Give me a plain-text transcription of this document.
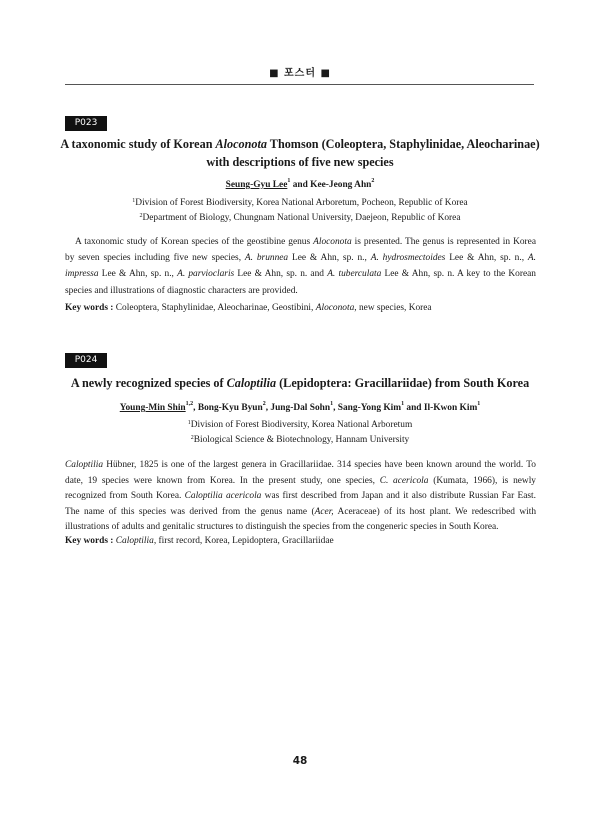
■ 포스터 ■
P023
A taxonomic study of Korean Aloconota Thomson (Coleoptera, Staphylinidae, Aleocharinae)
with descriptions of five new species
Seung-Gyu Lee$^1$ and Kee-Jeong Ahn$^2$
$^1$Division of Forest Biodiversity, Korea National Arboretum, Pocheon, Republic of Korea
$^2$Department of Biology, Chungnam National University, Daejeon, Republic of Korea
A taxonomic study of Korean species of the geostibine genus Aloconota is presented. The genus is represented in Korea by seven species including five new species, A. brunnea Lee & Ahn, sp. n., A. hydrosmectoides Lee & Ahn, sp. n., A. impressa Lee & Ahn, sp. n., A. parvioclaris Lee & Ahn, sp. n. and A. tuberculata Lee & Ahn, sp. n. A key to the Korean species and illustrations of diagnostic characters are provided.
Key words : Coleoptera, Staphylinidae, Aleocharinae, Geostibini, Aloconota, new species, Korea
P024
A newly recognized species of Caloptilia (Lepidoptera: Gracillariidae) from South Korea
Young-Min Shin$^{1,2}$, Bong-Kyu Byun$^2$, Jung-Dal Sohn$^1$, Sang-Yong Kim$^1$ and Il-Kwon Kim$^1$
$^1$Division of Forest Biodiversity, Korea National Arboretum
$^2$Biological Science & Biotechnology, Hannam University
Caloptilia Hübner, 1825 is one of the largest genera in Gracillariidae. 314 species have been known around the world. To date, 19 species were known from Korea. In the present study, one species, C. acericola (Kumata, 1966), is newly recognized from South Korea. Caloptilia acericola was first described from Japan and it also distribute Russian Far East. The name of this species was derived from the genus name (Acer, Aceraceae) of its host plant. We redescribed with illustrations of adults and genitalic structures to distinguish the species from the congeneric species in South Korea.
Key words : Caloptilia, first record, Korea, Lepidoptera, Gracillariidae
48
